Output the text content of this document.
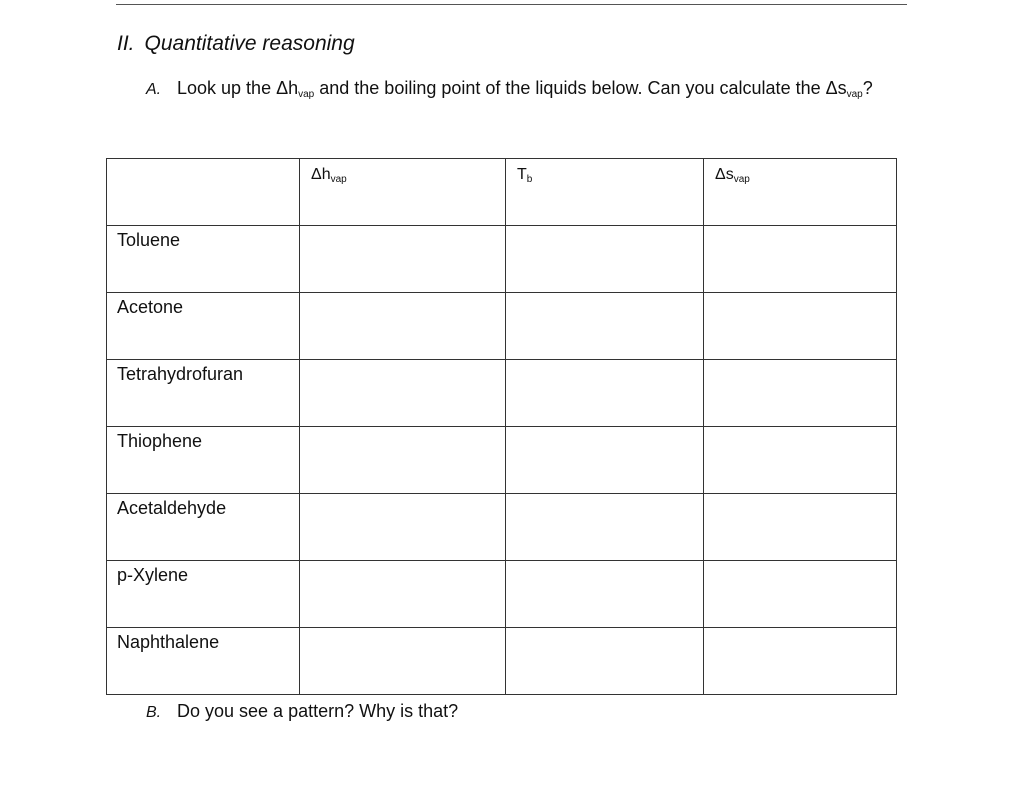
II. Quantitative reasoning
A. Look up the $\Delta h_{vap}$ and the boiling point of the liquids below. Can you calculate the $\Delta s_{vap}$?

	$\Delta h_{vap}$	$T_b$	$\Delta s_{vap}$

Toluene			

Acetone			

Tetrahydrofuran			

Thiophene			

Acetaldehyde			

p-Xylene			

Naphthalene			

B. Do you see a pattern? Why is that?
